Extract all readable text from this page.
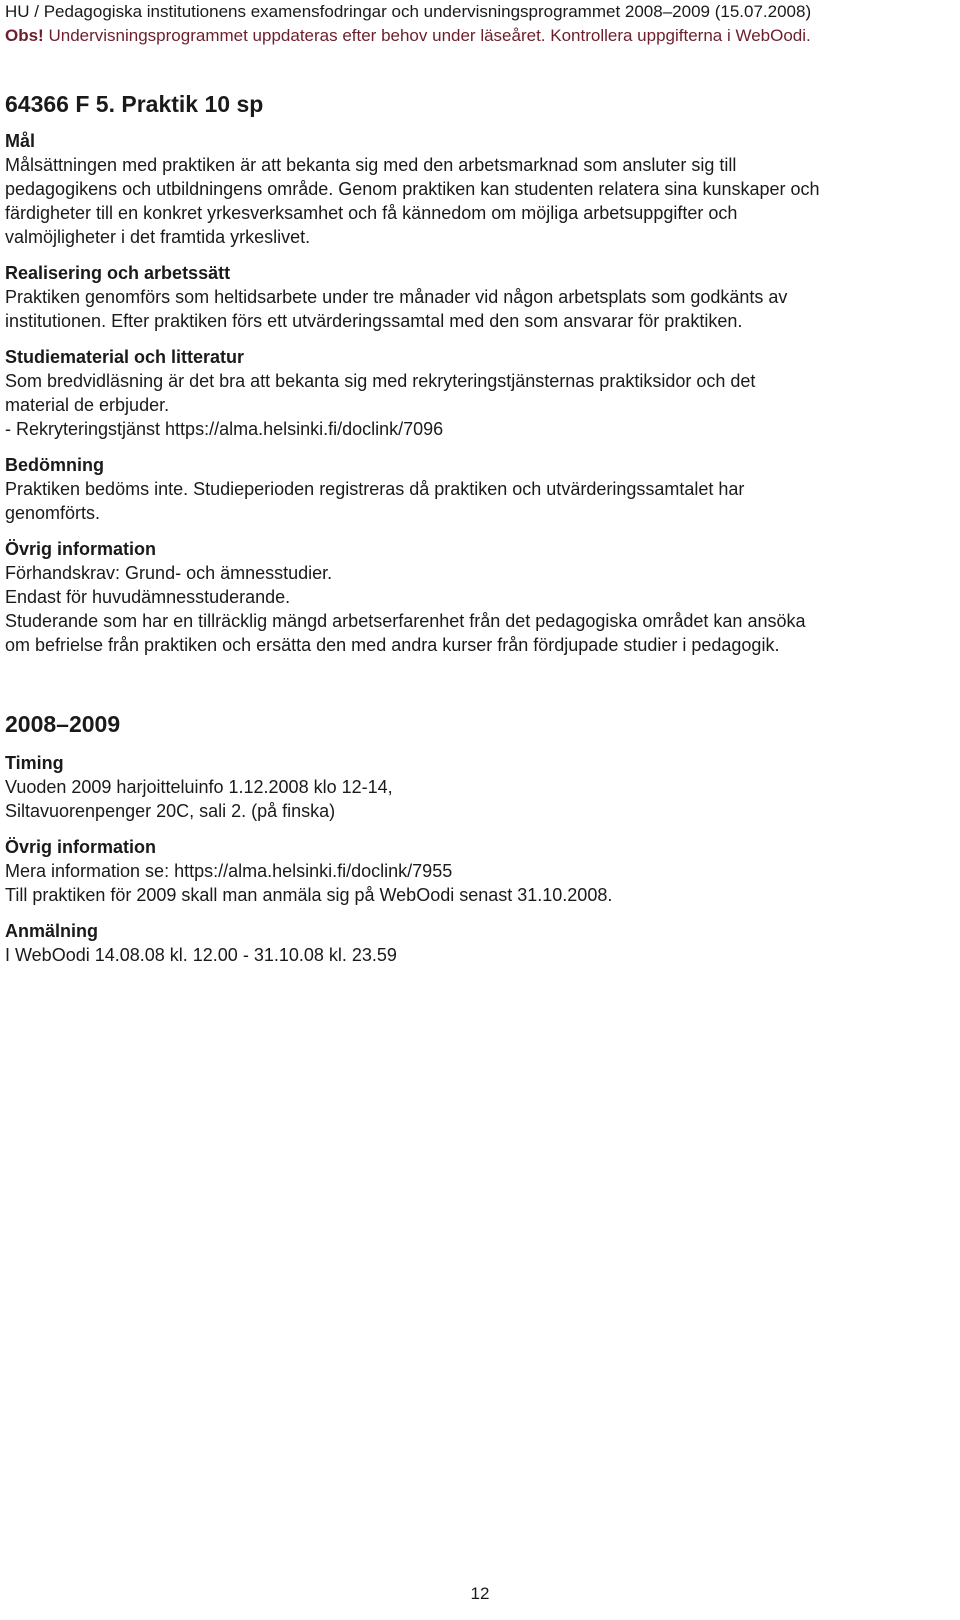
HU / Pedagogiska institutionens examensfodringar och undervisningsprogrammet 2008–2009 (15.07.2008)
Obs! Undervisningsprogrammet uppdateras efter behov under läseåret. Kontrollera uppgifterna i WebOodi.
64366 F 5. Praktik 10 sp
Mål
Målsättningen med praktiken är att bekanta sig med den arbetsmarknad som ansluter sig till
pedagogikens och utbildningens område. Genom praktiken kan studenten relatera sina kunskaper och
färdigheter till en konkret yrkesverksamhet och få kännedom om möjliga arbetsuppgifter och
valmöjligheter i det framtida yrkeslivet.
Realisering och arbetssätt
Praktiken genomförs som heltidsarbete under tre månader vid någon arbetsplats som godkänts av
institutionen. Efter praktiken förs ett utvärderingssamtal med den som ansvarar för praktiken.
Studiematerial och litteratur
Som bredvidläsning är det bra att bekanta sig med rekryteringstjänsternas praktiksidor och det
material de erbjuder.
- Rekryteringstjänst https://alma.helsinki.fi/doclink/7096
Bedömning
Praktiken bedöms inte. Studieperioden registreras då praktiken och utvärderingssamtalet har
genomförts.
Övrig information
Förhandskrav: Grund- och ämnesstudier.
Endast för huvudämnesstuderande.
Studerande som har en tillräcklig mängd arbetserfarenhet från det pedagogiska området kan ansöka
om befrielse från praktiken och ersätta den med andra kurser från fördjupade studier i pedagogik.
2008–2009
Timing
Vuoden 2009 harjoitteluinfo 1.12.2008 klo 12-14,
Siltavuorenpenger 20C, sali 2. (på finska)
Övrig information
Mera information se: https://alma.helsinki.fi/doclink/7955
Till praktiken för 2009 skall man anmäla sig på WebOodi senast 31.10.2008.
Anmälning
I WebOodi 14.08.08 kl. 12.00 - 31.10.08 kl. 23.59
12
